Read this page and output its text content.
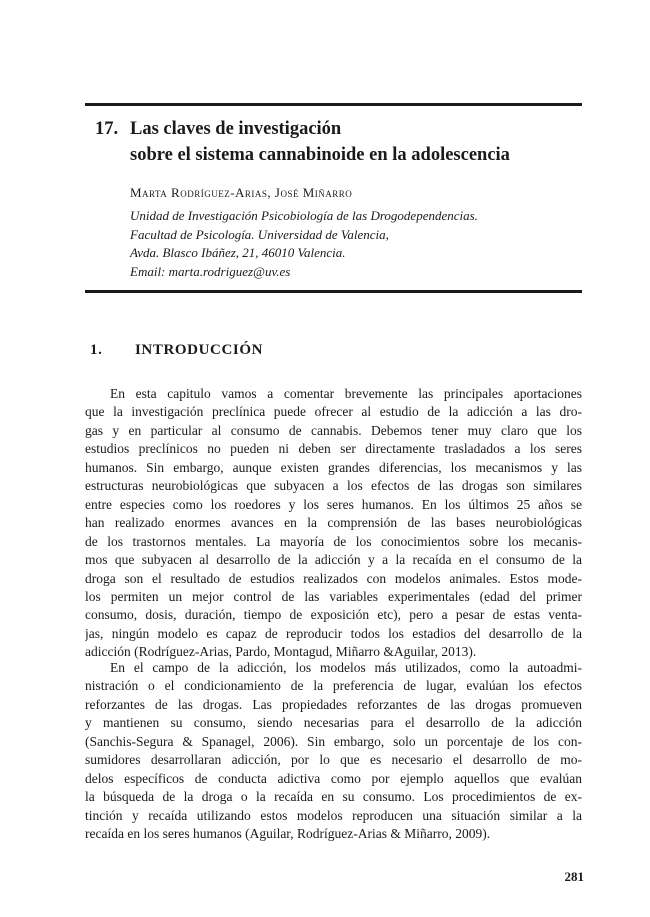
17. Las claves de investigación
sobre el sistema cannabinoide en la adolescencia

Marta Rodríguez-Arias, José Miñarro

Unidad de Investigación Psicobiología de las Drogodependencias.
Facultad de Psicología. Universidad de Valencia,
Avda. Blasco Ibáñez, 21, 46010 Valencia.

Email: marta.rodriguez@uv.es

1. INTRODUCCIÓN

En esta capitulo vamos a comentar brevemente las principales aportaciones
que la investigación preclínica puede ofrecer al estudio de la adicción a las dro-
gas y en particular al consumo de cannabis. Debemos tener muy claro que los
estudios preclínicos no pueden ni deben ser directamente trasladados a los seres
humanos. Sin embargo, aunque existen grandes diferencias, los mecanismos y las
estructuras neurobiológicas que subyacen a los efectos de las drogas son similares
entre especies como los roedores y los seres humanos. En los últimos 25 años se
han realizado enormes avances en la comprensión de las bases neurobiológicas
de los trastornos mentales. La mayoría de los conocimientos sobre los mecanis-
mos que subyacen al desarrollo de la adicción y a la recaída en el consumo de la
droga son el resultado de estudios realizados con modelos animales. Estos mode-
los permiten un mejor control de las variables experimentales (edad del primer
consumo, dosis, duración, tiempo de exposición etc), pero a pesar de estas venta-
jas, ningún modelo es capaz de reproducir todos los estadios del desarrollo de la
adicción (Rodríguez-Arias, Pardo, Montagud, Miñarro &Aguilar, 2013).

En el campo de la adicción, los modelos más utilizados, como la autoadmi-
nistración o el condicionamiento de la preferencia de lugar, evalúan los efectos
reforzantes de las drogas. Las propiedades reforzantes de las drogas promueven
y mantienen su consumo, siendo necesarias para el desarrollo de la adicción
(Sanchis-Segura & Spanagel, 2006). Sin embargo, solo un porcentaje de los con-
sumidores desarrollaran adicción, por lo que es necesario el desarrollo de mo-
delos específicos de conducta adictiva como por ejemplo aquellos que evalúan
la búsqueda de la droga o la recaída en su consumo. Los procedimientos de ex-
tinción y recaída utilizando estos modelos reproducen una situación similar a la
recaída en los seres humanos (Aguilar, Rodríguez-Arias & Miñarro, 2009).

281
